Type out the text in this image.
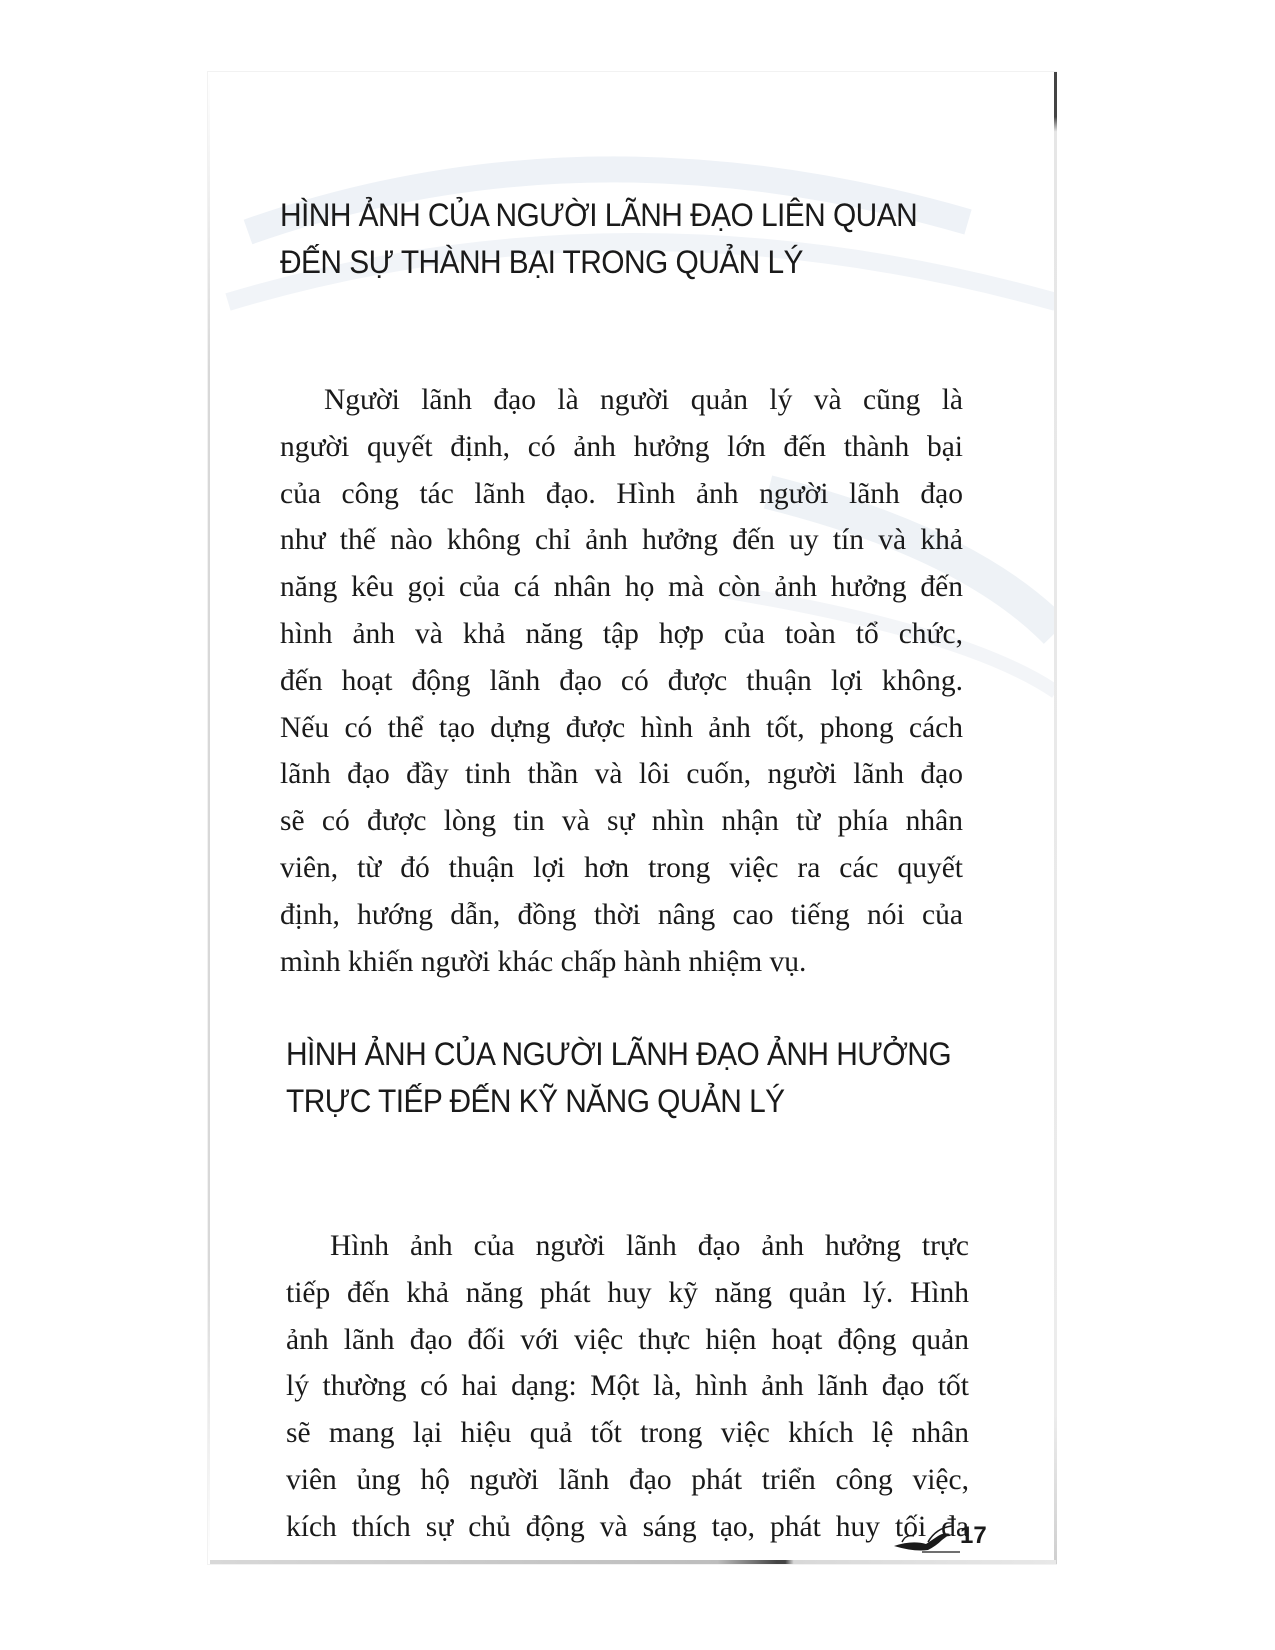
HÌNH ẢNH CỦA NGƯỜI LÃNH ĐẠO LIÊN QUAN
ĐẾN SỰ THÀNH BẠI TRONG QUẢN LÝ

Người lãnh đạo là người quản lý và cũng là
người quyết định, có ảnh hưởng lớn đến thành bại
của công tác lãnh đạo. Hình ảnh người lãnh đạo
như thế nào không chỉ ảnh hưởng đến uy tín và khả
năng kêu gọi của cá nhân họ mà còn ảnh hưởng đến
hình ảnh và khả năng tập hợp của toàn tổ chức,
đến hoạt động lãnh đạo có được thuận lợi không.
Nếu có thể tạo dựng được hình ảnh tốt, phong cách
lãnh đạo đầy tinh thần và lôi cuốn, người lãnh đạo
sẽ có được lòng tin và sự nhìn nhận từ phía nhân
viên, từ đó thuận lợi hơn trong việc ra các quyết
định, hướng dẫn, đồng thời nâng cao tiếng nói của
mình khiến người khác chấp hành nhiệm vụ.

HÌNH ẢNH CỦA NGƯỜI LÃNH ĐẠO ẢNH HƯỞNG
TRỰC TIẾP ĐẾN KỸ NĂNG QUẢN LÝ

Hình ảnh của người lãnh đạo ảnh hưởng trực
tiếp đến khả năng phát huy kỹ năng quản lý. Hình
ảnh lãnh đạo đối với việc thực hiện hoạt động quản
lý thường có hai dạng: Một là, hình ảnh lãnh đạo tốt
sẽ mang lại hiệu quả tốt trong việc khích lệ nhân
viên ủng hộ người lãnh đạo phát triển công việc,
kích thích sự chủ động và sáng tạo, phát huy tối đa

17
